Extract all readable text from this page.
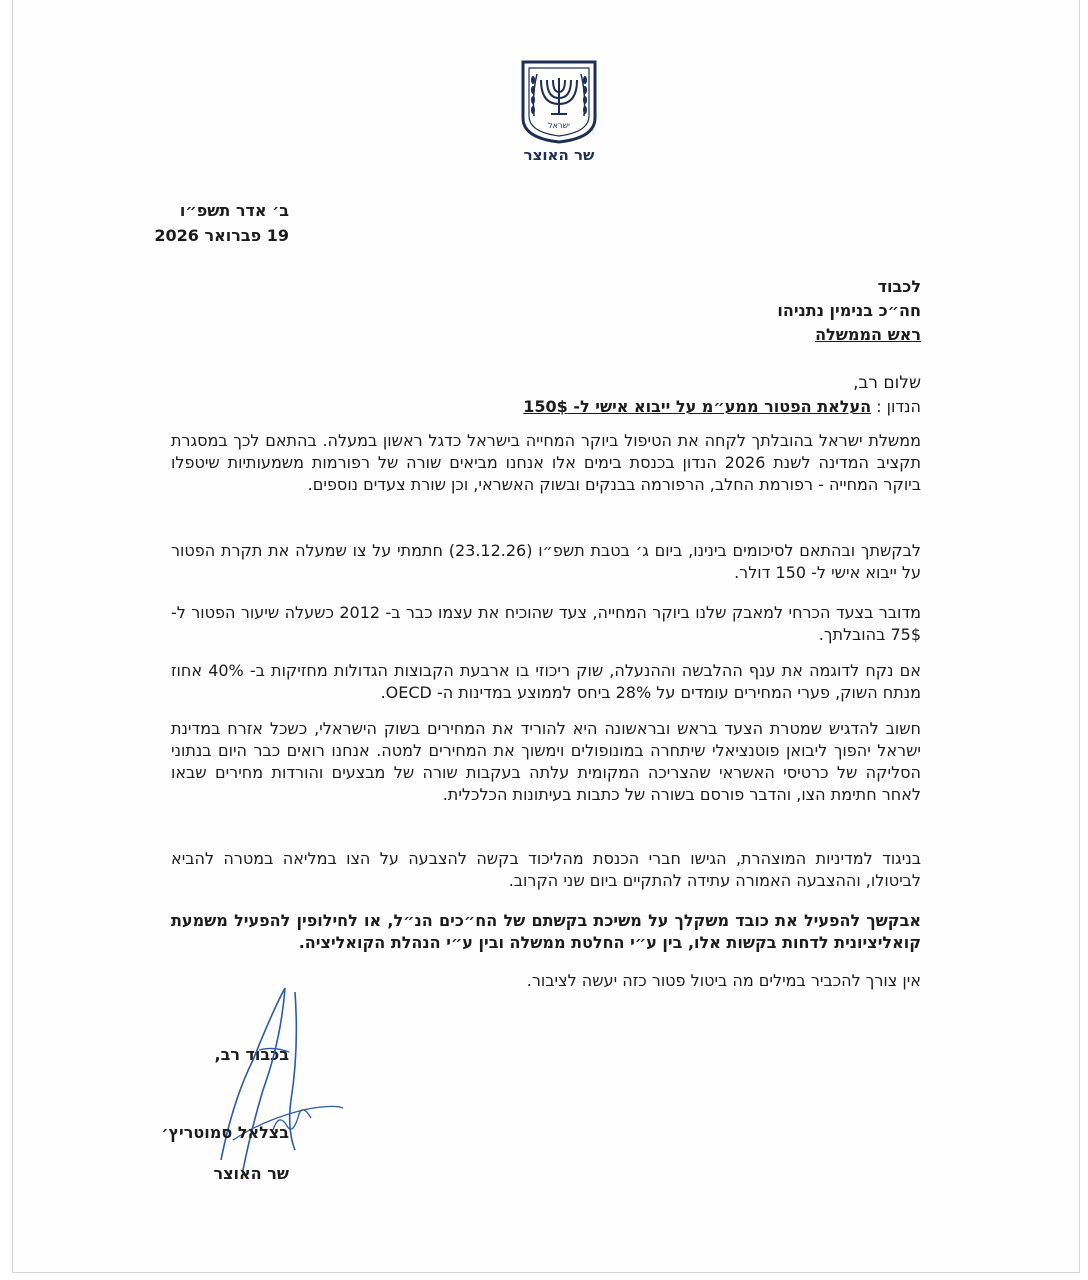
ישראל
שר האוצר
ב׳ אדר תשפ״ו
19 פברואר 2026
לכבוד
חה״כ בנימין נתניהו
ראש הממשלה
שלום רב,
הנדון : העלאת הפטור ממע״מ על ייבוא אישי ל- 150$
ממשלת ישראל בהובלתך לקחה את הטיפול ביוקר המחייה בישראל כדגל ראשון במעלה. בהתאם לכך במסגרת תקציב המדינה לשנת 2026 הנדון בכנסת בימים אלו אנחנו מביאים שורה של רפורמות משמעותיות שיטפלו ביוקר המחייה - רפורמת החלב, הרפורמה בבנקים ובשוק האשראי, וכן שורת צעדים נוספים.
לבקשתך ובהתאם לסיכומים בינינו, ביום ג׳ בטבת תשפ״ו (23.12.26) חתמתי על צו שמעלה את תקרת הפטור על ייבוא אישי ל- 150 דולר.
מדובר בצעד הכרחי למאבק שלנו ביוקר המחייה, צעד שהוכיח את עצמו כבר ב- 2012 כשעלה שיעור הפטור ל- 75$ בהובלתך.
אם נקח לדוגמה את ענף ההלבשה וההנעלה, שוק ריכוזי בו ארבעת הקבוצות הגדולות מחזיקות ב- 40% אחוז מנתח השוק, פערי המחירים עומדים על 28% ביחס לממוצע במדינות ה- OECD.
חשוב להדגיש שמטרת הצעד בראש ובראשונה היא להוריד את המחירים בשוק הישראלי, כשכל אזרח במדינת ישראל יהפוך ליבואן פוטנציאלי שיתחרה במונופולים וימשוך את המחירים למטה. אנחנו רואים כבר היום בנתוני הסליקה של כרטיסי האשראי שהצריכה המקומית עלתה בעקבות שורה של מבצעים והורדות מחירים שבאו לאחר חתימת הצו, והדבר פורסם בשורה של כתבות בעיתונות הכלכלית.
בניגוד למדיניות המוצהרת, הגישו חברי הכנסת מהליכוד בקשה להצבעה על הצו במליאה במטרה להביא לביטולו, וההצבעה האמורה עתידה להתקיים ביום שני הקרוב.
אבקשך להפעיל את כובד משקלך על משיכת בקשתם של הח״כים הנ״ל, או לחילופין להפעיל משמעת קואליציונית לדחות בקשות אלו, בין ע״י החלטת ממשלה ובין ע״י הנהלת הקואליציה.
אין צורך להכביר במילים מה ביטול פטור כזה יעשה לציבור.
בכבוד רב,
בצלאל סמוטריץ׳
שר האוצר
